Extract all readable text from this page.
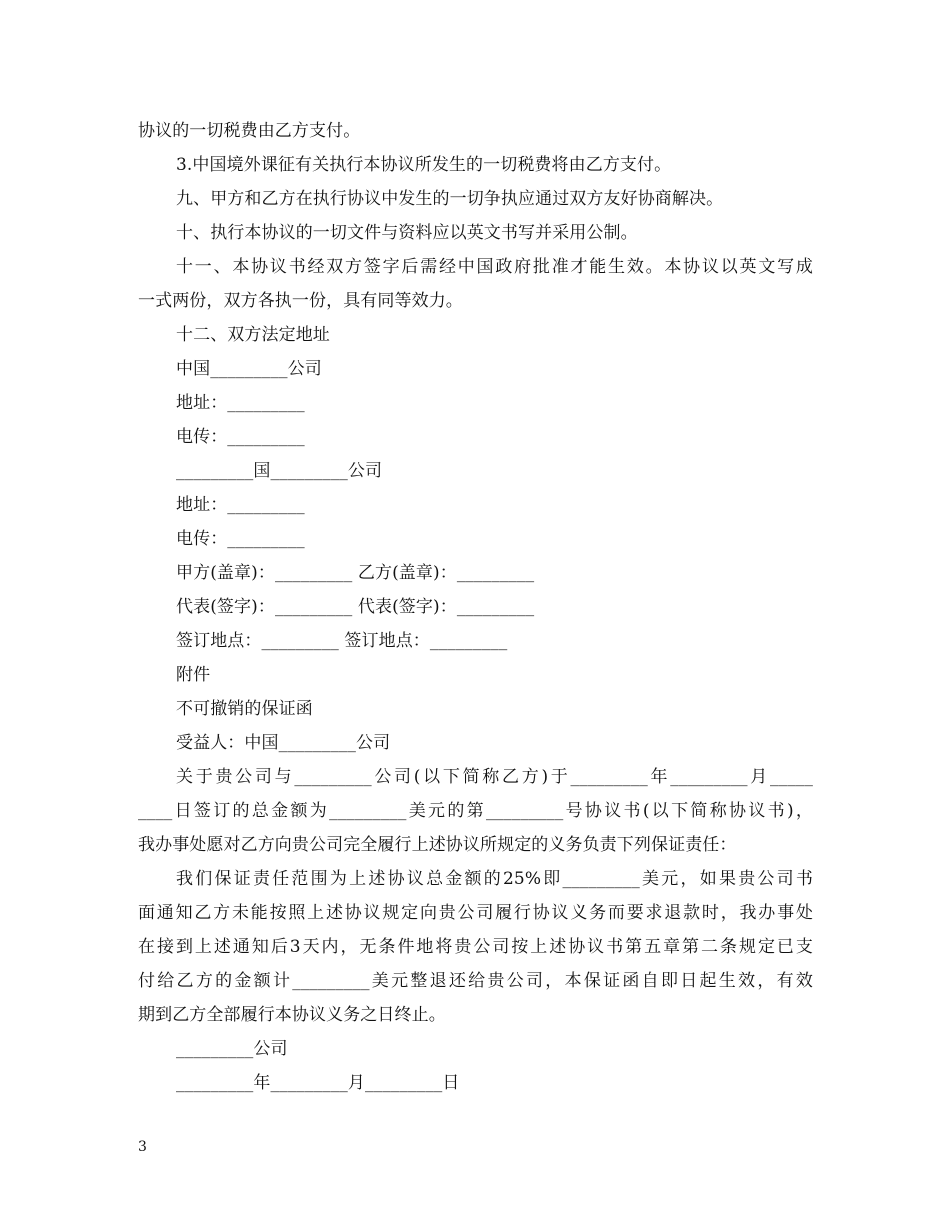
协议的一切税费由乙方支付。
3.中国境外课征有关执行本协议所发生的一切税费将由乙方支付。
九、甲方和乙方在执行协议中发生的一切争执应通过双方友好协商解决。
十、执行本协议的一切文件与资料应以英文书写并采用公制。
十一、本协议书经双方签字后需经中国政府批准才能生效。本协议以英文写成
一式两份，双方各执一份，具有同等效力。
十二、双方法定地址
中国_________公司
地址：_________
电传：_________
_________国_________公司
地址：_________
电传：_________
甲方(盖章)：_________ 乙方(盖章)：_________
代表(签字)：_________ 代表(签字)：_________
签订地点：_________ 签订地点：_________
附件
不可撤销的保证函
受益人：中国_________公司
关于贵公司与_________公司(以下简称乙方)于_________年_________月_____
____日签订的总金额为_________美元的第_________号协议书(以下简称协议书)，
我办事处愿对乙方向贵公司完全履行上述协议所规定的义务负责下列保证责任：
我们保证责任范围为上述协议总金额的25%即_________美元，如果贵公司书
面通知乙方未能按照上述协议规定向贵公司履行协议义务而要求退款时，我办事处
在接到上述通知后3天内，无条件地将贵公司按上述协议书第五章第二条规定已支
付给乙方的金额计_________美元整退还给贵公司，本保证函自即日起生效，有效
期到乙方全部履行本协议义务之日终止。
_________公司
_________年_________月_________日
3
